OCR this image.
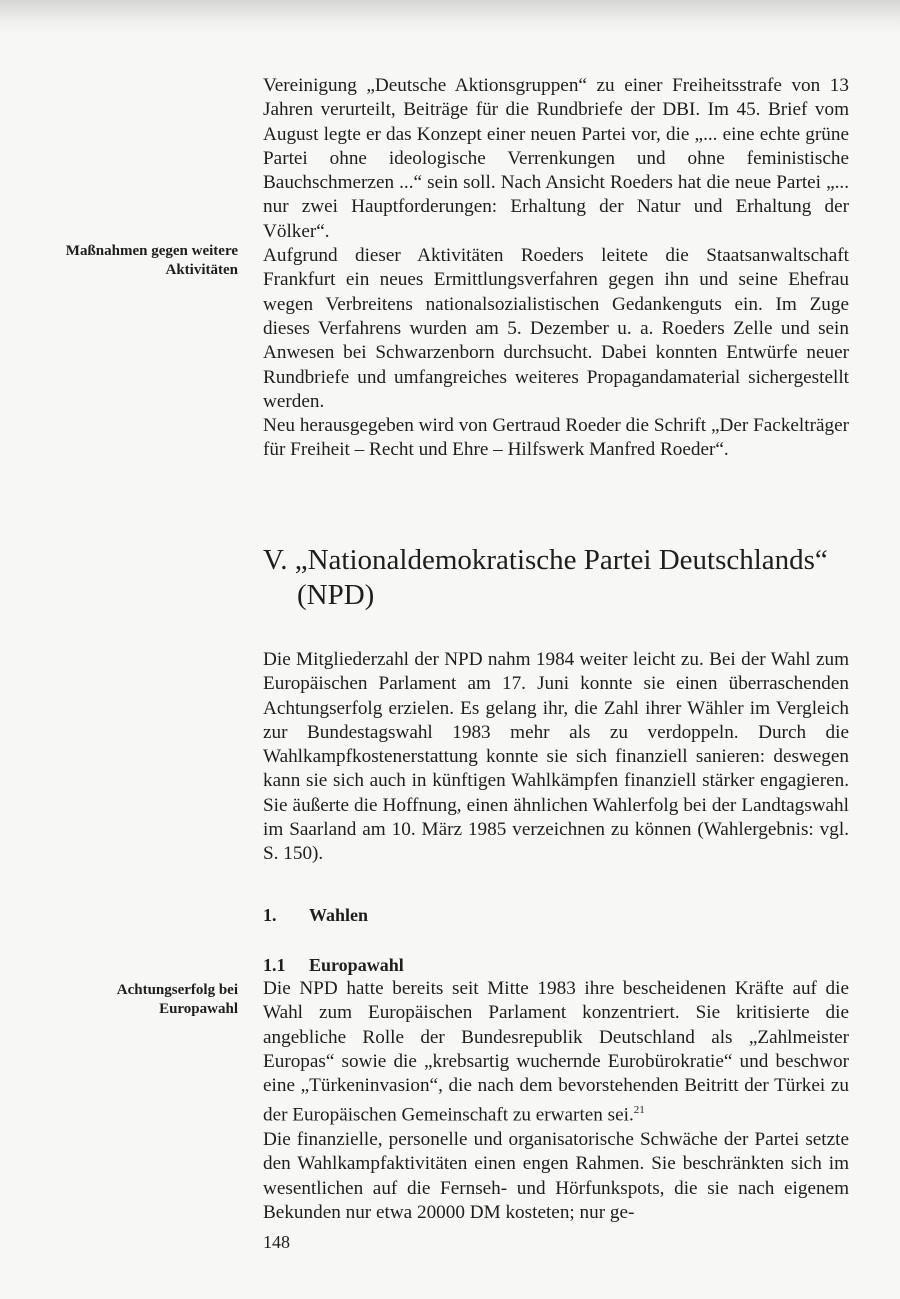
Maßnahmen gegen weitere Aktivitäten

Vereinigung „Deutsche Aktionsgruppen“ zu einer Freiheitsstrafe von 13 Jahren verurteilt, Beiträge für die Rundbriefe der DBI. Im 45. Brief vom August legte er das Konzept einer neuen Partei vor, die „... eine echte grüne Partei ohne ideologische Verrenkungen und ohne feministische Bauchschmerzen ...“ sein soll. Nach Ansicht Roeders hat die neue Partei „... nur zwei Hauptforderungen: Erhaltung der Natur und Erhaltung der Völker“.

Aufgrund dieser Aktivitäten Roeders leitete die Staatsanwaltschaft Frankfurt ein neues Ermittlungsverfahren gegen ihn und seine Ehefrau wegen Verbreitens nationalsozialistischen Gedankenguts ein. Im Zuge dieses Verfahrens wurden am 5. Dezember u. a. Roeders Zelle und sein Anwesen bei Schwarzenborn durchsucht. Dabei konnten Entwürfe neuer Rundbriefe und umfangreiches weiteres Propagandamaterial sichergestellt werden.

Neu herausgegeben wird von Gertraud Roeder die Schrift „Der Fackelträger für Freiheit – Recht und Ehre – Hilfswerk Manfred Roeder“.

V. „Nationaldemokratische Partei Deutschlands“
(NPD)

Die Mitgliederzahl der NPD nahm 1984 weiter leicht zu. Bei der Wahl zum Europäischen Parlament am 17. Juni konnte sie einen überraschenden Achtungserfolg erzielen. Es gelang ihr, die Zahl ihrer Wähler im Vergleich zur Bundestagswahl 1983 mehr als zu verdoppeln. Durch die Wahlkampfkostenerstattung konnte sie sich finanziell sanieren: deswegen kann sie sich auch in künftigen Wahlkämpfen finanziell stärker engagieren. Sie äußerte die Hoffnung, einen ähnlichen Wahlerfolg bei der Landtagswahl im Saarland am 10. März 1985 verzeichnen zu können (Wahlergebnis: vgl. S. 150).

1. Wahlen
1.1 Europawahl
Achtungserfolg bei Europawahl

Die NPD hatte bereits seit Mitte 1983 ihre bescheidenen Kräfte auf die Wahl zum Europäischen Parlament konzentriert. Sie kritisierte die angebliche Rolle der Bundesrepublik Deutschland als „Zahlmeister Europas“ sowie die „krebsartig wuchernde Eurobürokratie“ und beschwor eine „Türkeninvasion“, die nach dem bevorstehenden Beitritt der Türkei zu der Europäischen Gemeinschaft zu erwarten sei.$^{21}$

Die finanzielle, personelle und organisatorische Schwäche der Partei setzte den Wahlkampfaktivitäten einen engen Rahmen. Sie beschränkten sich im wesentlichen auf die Fernseh- und Hörfunkspots, die sie nach eigenem Bekunden nur etwa 20000 DM kosteten; nur ge-

148
